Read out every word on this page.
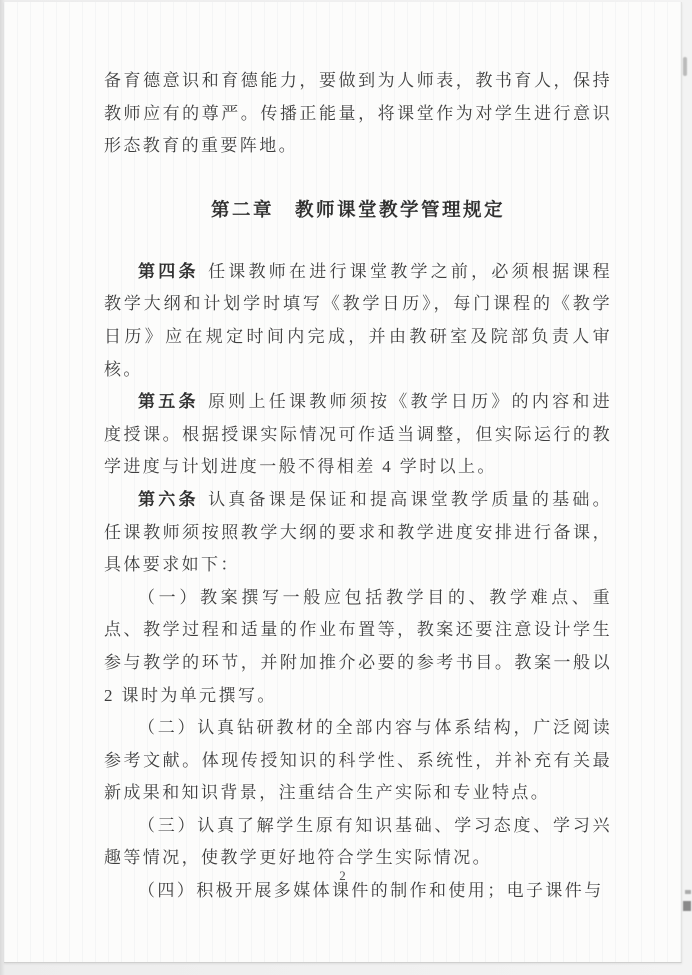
备育德意识和育德能力，要做到为人师表，教书育人，保持教师应有的尊严。传播正能量，将课堂作为对学生进行意识形态教育的重要阵地。

第二章　教师课堂教学管理规定

第四条 任课教师在进行课堂教学之前，必须根据课程教学大纲和计划学时填写《教学日历》，每门课程的《教学日历》应在规定时间内完成，并由教研室及院部负责人审核。

第五条 原则上任课教师须按《教学日历》的内容和进度授课。根据授课实际情况可作适当调整，但实际运行的教学进度与计划进度一般不得相差 4 学时以上。

第六条 认真备课是保证和提高课堂教学质量的基础。任课教师须按照教学大纲的要求和教学进度安排进行备课，具体要求如下：

（一）教案撰写一般应包括教学目的、教学难点、重点、教学过程和适量的作业布置等，教案还要注意设计学生参与教学的环节，并附加推介必要的参考书目。教案一般以 2 课时为单元撰写。

（二）认真钻研教材的全部内容与体系结构，广泛阅读参考文献。体现传授知识的科学性、系统性，并补充有关最新成果和知识背景，注重结合生产实际和专业特点。

（三）认真了解学生原有知识基础、学习态度、学习兴趣等情况，使教学更好地符合学生实际情况。

（四）积极开展多媒体课件的制作和使用；电子课件与

2
